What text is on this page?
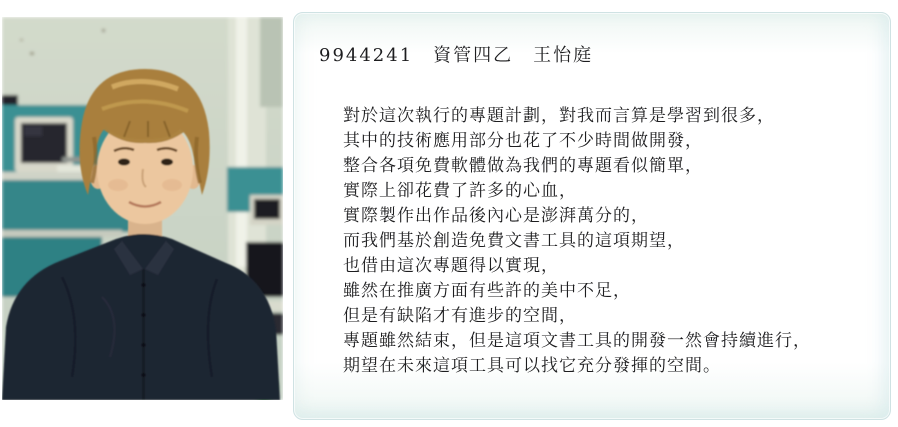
9944241　資管四乙　王怡庭
對於這次執行的專題計劃，對我而言算是學習到很多，
其中的技術應用部分也花了不少時間做開發，
整合各項免費軟體做為我們的專題看似簡單，
實際上卻花費了許多的心血，
實際製作出作品後內心是澎湃萬分的，
而我們基於創造免費文書工具的這項期望，
也借由這次專題得以實現，
雖然在推廣方面有些許的美中不足，
但是有缺陷才有進步的空間，
專題雖然結束，但是這項文書工具的開發一然會持續進行，
期望在未來這項工具可以找它充分發揮的空間。
